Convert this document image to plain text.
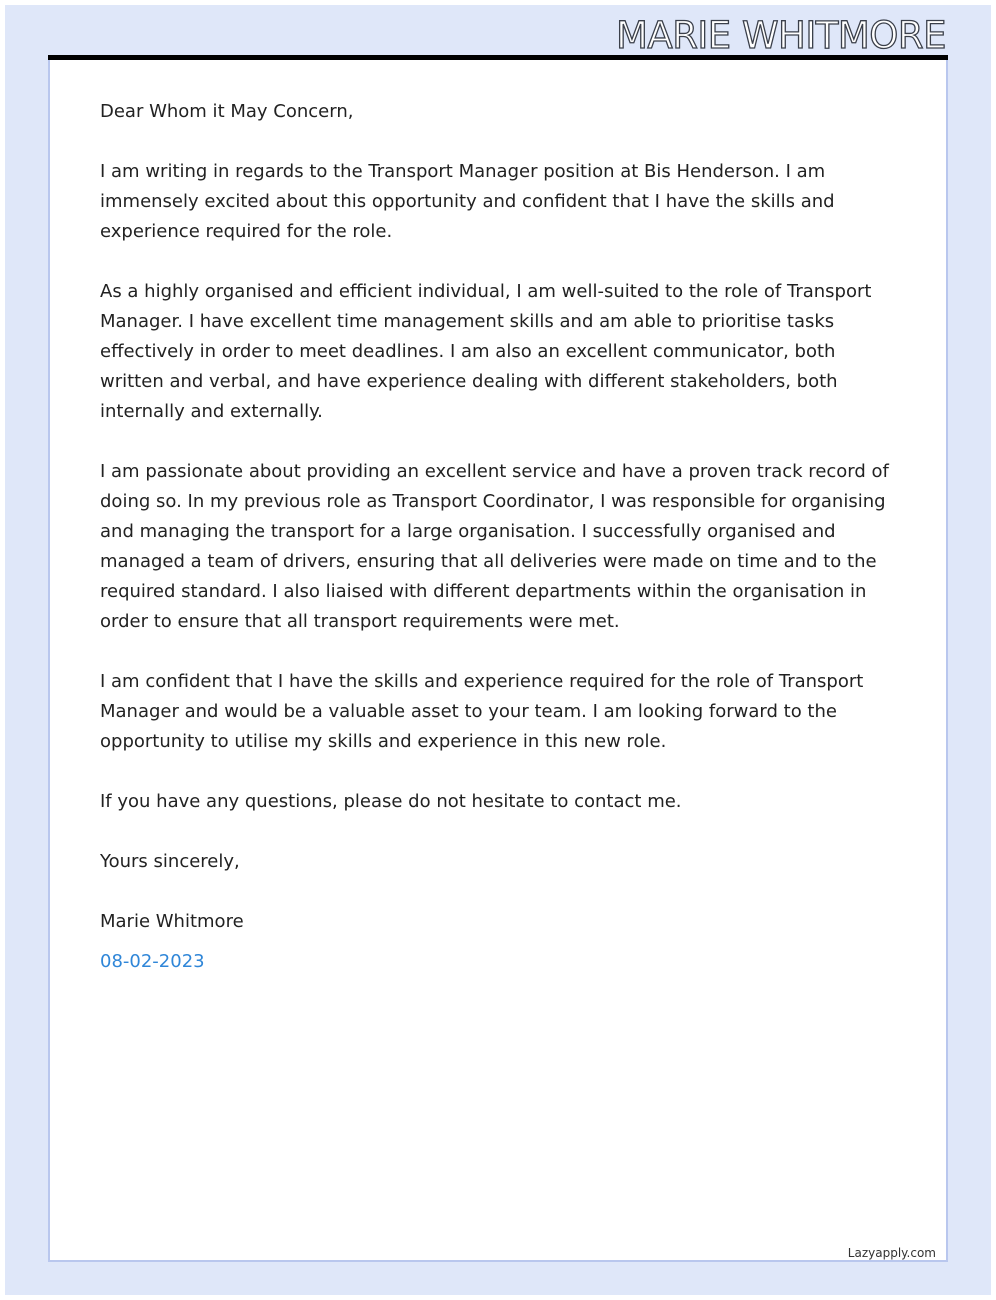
MARIE WHITMORE

Dear Whom it May Concern,

I am writing in regards to the Transport Manager position at Bis Henderson. I am immensely excited about this opportunity and confident that I have the skills and experience required for the role.

As a highly organised and efficient individual, I am well-suited to the role of Transport Manager. I have excellent time management skills and am able to prioritise tasks effectively in order to meet deadlines. I am also an excellent communicator, both written and verbal, and have experience dealing with different stakeholders, both internally and externally.

I am passionate about providing an excellent service and have a proven track record of doing so. In my previous role as Transport Coordinator, I was responsible for organising and managing the transport for a large organisation. I successfully organised and managed a team of drivers, ensuring that all deliveries were made on time and to the required standard. I also liaised with different departments within the organisation in order to ensure that all transport requirements were met.

I am confident that I have the skills and experience required for the role of Transport Manager and would be a valuable asset to your team. I am looking forward to the opportunity to utilise my skills and experience in this new role.

If you have any questions, please do not hesitate to contact me.

Yours sincerely,

Marie Whitmore

08-02-2023

Lazyapply.com
